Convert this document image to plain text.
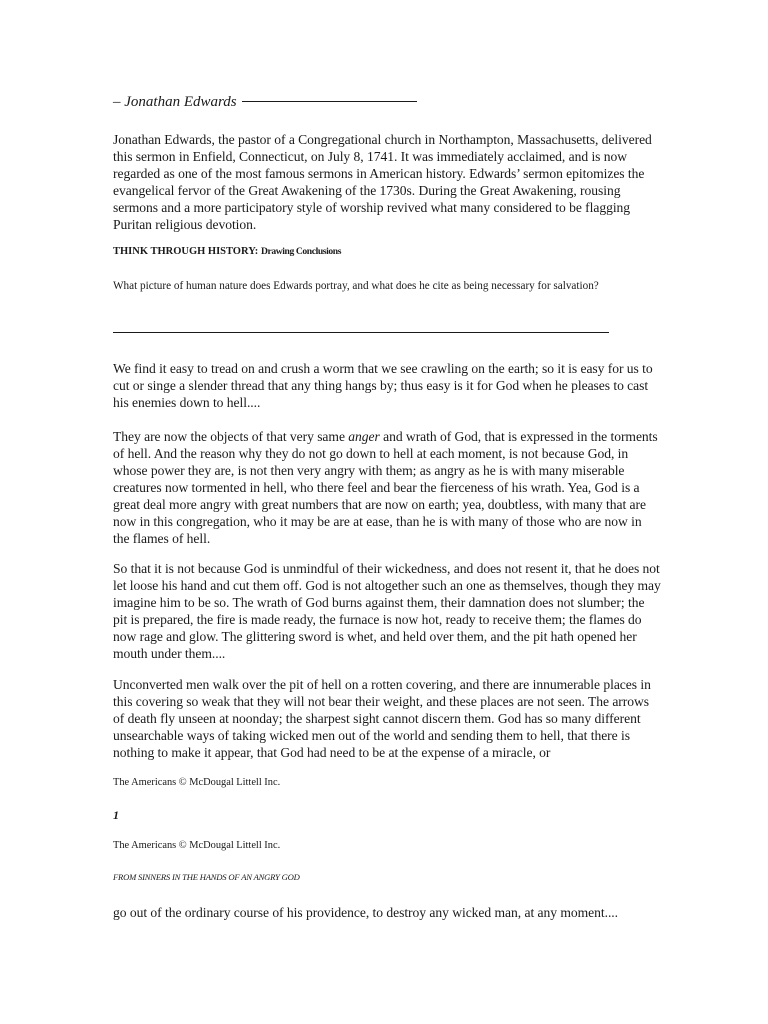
– Jonathan Edwards

Jonathan Edwards, the pastor of a Congregational church in Northampton, Massachusetts, delivered this sermon in Enfield, Connecticut, on July 8, 1741. It was immediately acclaimed, and is now regarded as one of the most famous sermons in American history. Edwards’ sermon epitomizes the evangelical fervor of the Great Awakening of the 1730s. During the Great Awakening, rousing sermons and a more participatory style of worship revived what many considered to be flagging Puritan religious devotion.

THINK THROUGH HISTORY: Drawing Conclusions

What picture of human nature does Edwards portray, and what does he cite as being necessary for salvation?

We find it easy to tread on and crush a worm that we see crawling on the earth; so it is easy for us to cut or singe a slender thread that any thing hangs by; thus easy is it for God when he pleases to cast his enemies down to hell....

They are now the objects of that very same anger and wrath of God, that is expressed in the torments of hell. And the reason why they do not go down to hell at each moment, is not because God, in whose power they are, is not then very angry with them; as angry as he is with many miserable creatures now tormented in hell, who there feel and bear the fierceness of his wrath. Yea, God is a great deal more angry with great numbers that are now on earth; yea, doubtless, with many that are now in this congregation, who it may be are at ease, than he is with many of those who are now in the flames of hell.

So that it is not because God is unmindful of their wickedness, and does not resent it, that he does not let loose his hand and cut them off. God is not altogether such an one as themselves, though they may imagine him to be so. The wrath of God burns against them, their damnation does not slumber; the pit is prepared, the fire is made ready, the furnace is now hot, ready to receive them; the flames do now rage and glow. The glittering sword is whet, and held over them, and the pit hath opened her mouth under them....

Unconverted men walk over the pit of hell on a rotten covering, and there are innumerable places in this covering so weak that they will not bear their weight, and these places are not seen. The arrows of death fly unseen at noonday; the sharpest sight cannot discern them. God has so many different unsearchable ways of taking wicked men out of the world and sending them to hell, that there is nothing to make it appear, that God had need to be at the expense of a miracle, or

The Americans © McDougal Littell Inc.
1
The Americans © McDougal Littell Inc.
FROM SINNERS IN THE HANDS OF AN ANGRY GOD

go out of the ordinary course of his providence, to destroy any wicked man, at any moment....
